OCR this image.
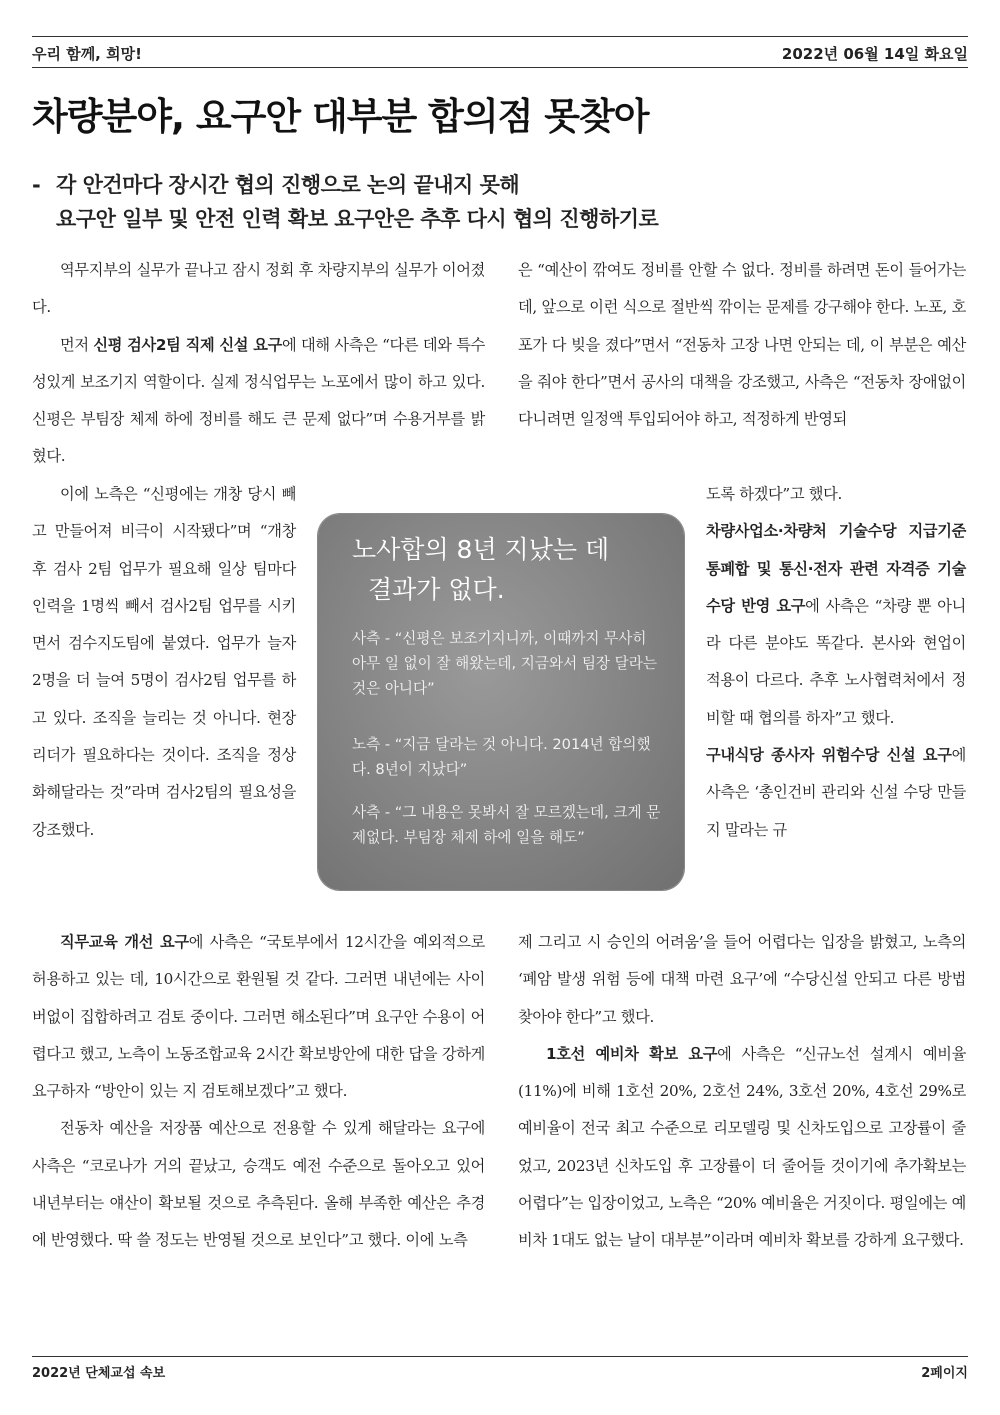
우리 함께, 희망!	2022년 06월 14일 화요일
차량분야, 요구안 대부분 합의점 못찾아
- 각 안건마다 장시간 협의 진행으로 논의 끝내지 못해
요구안 일부 및 안전 인력 확보 요구안은 추후 다시 협의 진행하기로

역무지부의 실무가 끝나고 잠시 정회 후 차량지부의 실무가 이어졌다.

먼저 신평 검사2팀 직제 신설 요구에 대해 사측은 “다른 데와 특수성있게 보조기지 역할이다. 실제 정식업무는 노포에서 많이 하고 있다. 신평은 부팀장 체제 하에 정비를 해도 큰 문제 없다”며 수용거부를 밝혔다.

이에 노측은 “신평에는 개창 당시 빼고 만들어져 비극이 시작됐다”며 “개창 후 검사 2팀 업무가 필요해 일상 팀마다 인력을 1명씩 빼서 검사2팀 업무를 시키면서 검수지도팀에 붙였다. 업무가 늘자 2명을 더 늘여 5명이 검사2팀 업무를 하고 있다. 조직을 늘리는 것 아니다. 현장 리더가 필요하다는 것이다. 조직을 정상화해달라는 것”라며 검사2팀의 필요성을 강조했다.

노사합의 8년 지났는 데
결과가 없다.
사측 - “신평은 보조기지니까, 이때까지 무사히 아무 일 없이 잘 해왔는데, 지금와서 팀장 달라는 것은 아니다”
노측 - “지금 달라는 것 아니다. 2014년 합의했다. 8년이 지났다”
사측 - “그 내용은 못봐서 잘 모르겠는데, 크게 문제없다. 부팀장 체제 하에 일을 해도”

직무교육 개선 요구에 사측은 “국토부에서 12시간을 예외적으로 허용하고 있는 데, 10시간으로 환원될 것 같다. 그러면 내년에는 사이버없이 집합하려고 검토 중이다. 그러면 해소된다”며 요구안 수용이 어렵다고 했고, 노측이 노동조합교육 2시간 확보방안에 대한 답을 강하게 요구하자 “방안이 있는 지 검토해보겠다”고 했다.

전동차 예산을 저장품 예산으로 전용할 수 있게 해달라는 요구에 사측은 “코로나가 거의 끝났고, 승객도 예전 수준으로 돌아오고 있어 내년부터는 얘산이 확보될 것으로 추측된다. 올해 부족한 예산은 추경에 반영했다. 딱 쓸 정도는 반영될 것으로 보인다”고 했다. 이에 노측

은 “예산이 깎여도 정비를 안할 수 없다. 정비를 하려면 돈이 들어가는 데, 앞으로 이런 식으로 절반씩 깎이는 문제를 강구해야 한다. 노포, 호포가 다 빚을 졌다”면서 “전동차 고장 나면 안되는 데, 이 부분은 예산을 줘야 한다”면서 공사의 대책을 강조했고, 사측은 “전동차 장애없이 다니려면 일정액 투입되어야 하고, 적정하게 반영되

도록 하겠다”고 했다.

차량사업소·차량처 기술수당 지급기준 통폐합 및 통신·전자 관련 자격증 기술수당 반영 요구에 사측은 “차량 뿐 아니라 다른 분야도 똑같다. 본사와 현업이 적용이 다르다. 추후 노사협력처에서 정비할 때 협의를 하자”고 했다.

구내식당 종사자 위험수당 신설 요구에 사측은 ‘총인건비 관리와 신설 수당 만들지 말라는 규

제 그리고 시 승인의 어려움’을 들어 어렵다는 입장을 밝혔고, 노측의 ‘폐암 발생 위험 등에 대책 마련 요구’에 “수당신설 안되고 다른 방법 찾아야 한다”고 했다.

1호선 예비차 확보 요구에 사측은 “신규노선 설계시 예비율(11%)에 비해 1호선 20%, 2호선 24%, 3호선 20%, 4호선 29%로 예비율이 전국 최고 수준으로 리모델링 및 신차도입으로 고장률이 줄었고, 2023년 신차도입 후 고장률이 더 줄어들 것이기에 추가확보는 어렵다”는 입장이었고, 노측은 “20% 예비율은 거짓이다. 평일에는 예비차 1대도 없는 날이 대부분”이라며 예비차 확보를 강하게 요구했다.

2022년 단체교섭 속보	2페이지
